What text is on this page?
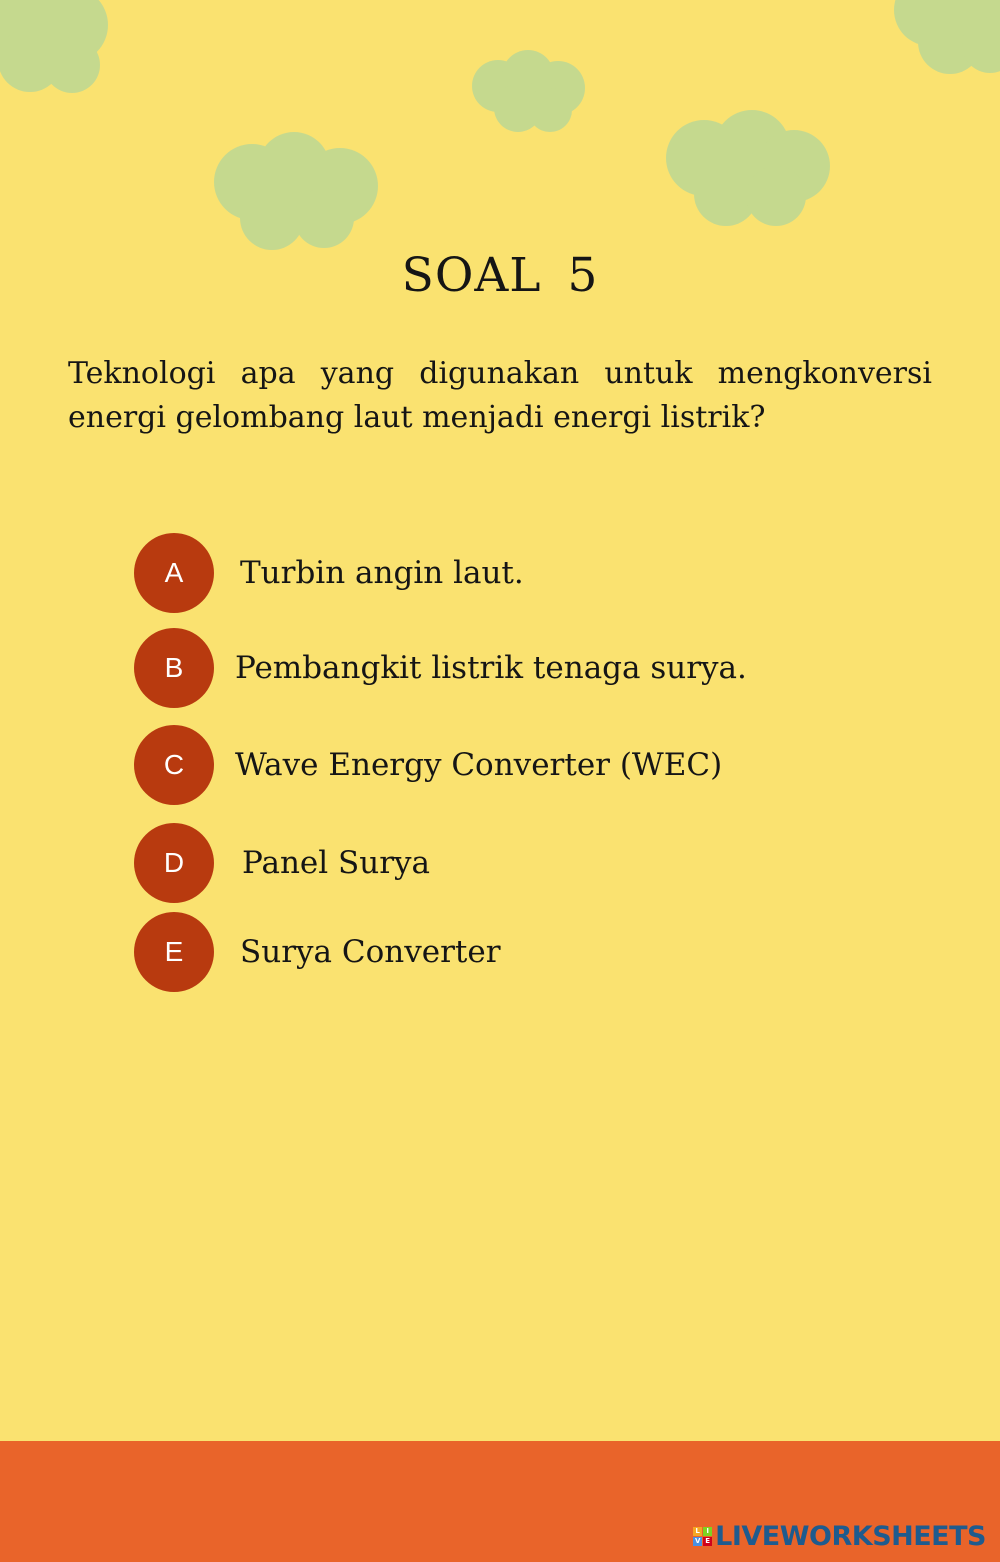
SOAL 5

Teknologi apa yang digunakan untuk mengkonversi energi gelombang laut menjadi energi listrik?

A	Turbin angin laut.
B	Pembangkit listrik tenaga surya.
C	Wave Energy Converter (WEC)
D	Panel Surya
E	Surya Converter
L I
V E LIVEWORKSHEETS
